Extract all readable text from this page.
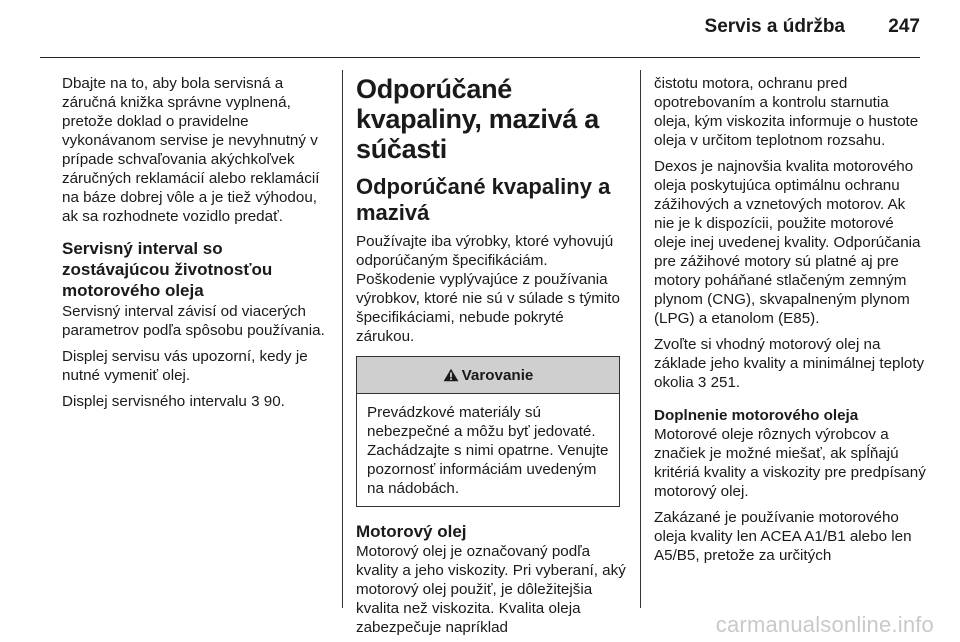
Servis a údržba 247

Dbajte na to, aby bola servisná a záručná knižka správne vyplnená, pretože doklad o pravidelne vykonávanom servise je nevyhnutný v prípade schvaľovania akýchkoľvek záručných reklamácií alebo reklamácií na báze dobrej vôle a je tiež výhodou, ak sa rozhodnete vozidlo predať.

Servisný interval so zostávajúcou životnosťou motorového oleja

Servisný interval závisí od viacerých parametrov podľa spôsobu používania.

Displej servisu vás upozorní, kedy je nutné vymeniť olej.

Displej servisného intervalu 3 90.

Odporúčané kvapaliny, mazivá a súčasti
Odporúčané kvapaliny a mazivá

Používajte iba výrobky, ktoré vyhovujú odporúčaným špecifikáciám. Poškodenie vyplývajúce z používania výrobkov, ktoré nie sú v súlade s týmito špecifikáciami, nebude pokryté zárukou.

Varovanie
Prevádzkové materiály sú nebezpečné a môžu byť jedovaté. Zachádzajte s nimi opatrne. Venujte pozornosť informáciám uvedeným na nádobách.
Motorový olej

Motorový olej je označovaný podľa kvality a jeho viskozity. Pri vyberaní, aký motorový olej použiť, je dôležitejšia kvalita než viskozita. Kvalita oleja zabezpečuje napríklad

čistotu motora, ochranu pred opotrebovaním a kontrolu starnutia oleja, kým viskozita informuje o hustote oleja v určitom teplotnom rozsahu.

Dexos je najnovšia kvalita motorového oleja poskytujúca optimálnu ochranu zážihových a vznetových motorov. Ak nie je k dispozícii, použite motorové oleje inej uvedenej kvality. Odporúčania pre zážihové motory sú platné aj pre motory poháňané stlačeným zemným plynom (CNG), skvapalneným plynom (LPG) a etanolom (E85).

Zvoľte si vhodný motorový olej na základe jeho kvality a minimálnej teploty okolia 3 251.

Doplnenie motorového oleja

Motorové oleje rôznych výrobcov a značiek je možné miešať, ak spĺňajú kritériá kvality a viskozity pre predpísaný motorový olej.

Zakázané je používanie motorového oleja kvality len ACEA A1/B1 alebo len A5/B5, pretože za určitých

carmanualsonline.info
